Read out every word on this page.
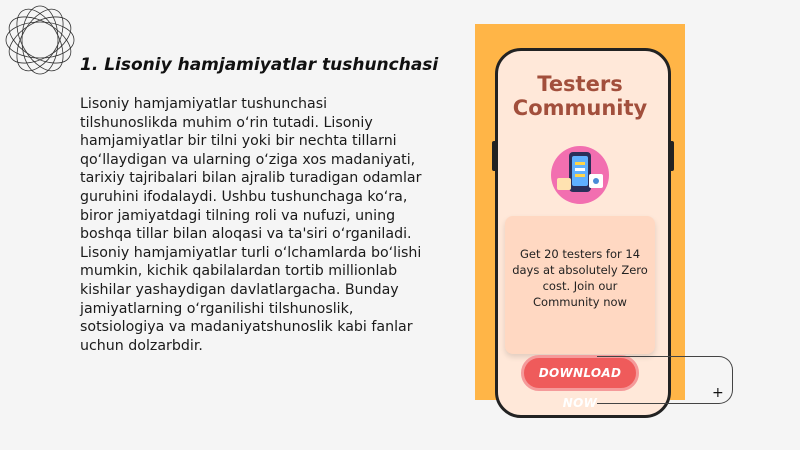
1. Lisoniy hamjamiyatlar tushunchasi
Lisoniy hamjamiyatlar tushunchasi tilshunoslikda muhim o‘rin tutadi. Lisoniy hamjamiyatlar bir tilni yoki bir nechta tillarni qo‘llaydigan va ularning o‘ziga xos madaniyati, tarixiy tajribalari bilan ajralib turadigan odamlar guruhini ifodalaydi. Ushbu tushunchaga ko‘ra, biror jamiyatdagi tilning roli va nufuzi, uning boshqa tillar bilan aloqasi va ta'siri o‘rganiladi. Lisoniy hamjamiyatlar turli o‘lchamlarda bo‘lishi mumkin, kichik qabilalardan tortib millionlab kishilar yashaydigan davlatlargacha. Bunday jamiyatlarning o‘rganilishi tilshunoslik, sotsiologiya va madaniyatshunoslik kabi fanlar uchun dolzarbdir.
Testers
Community
Get 20 testers for 14 days at absolutely Zero cost. Join our Community now
DOWNLOAD NOW
+
